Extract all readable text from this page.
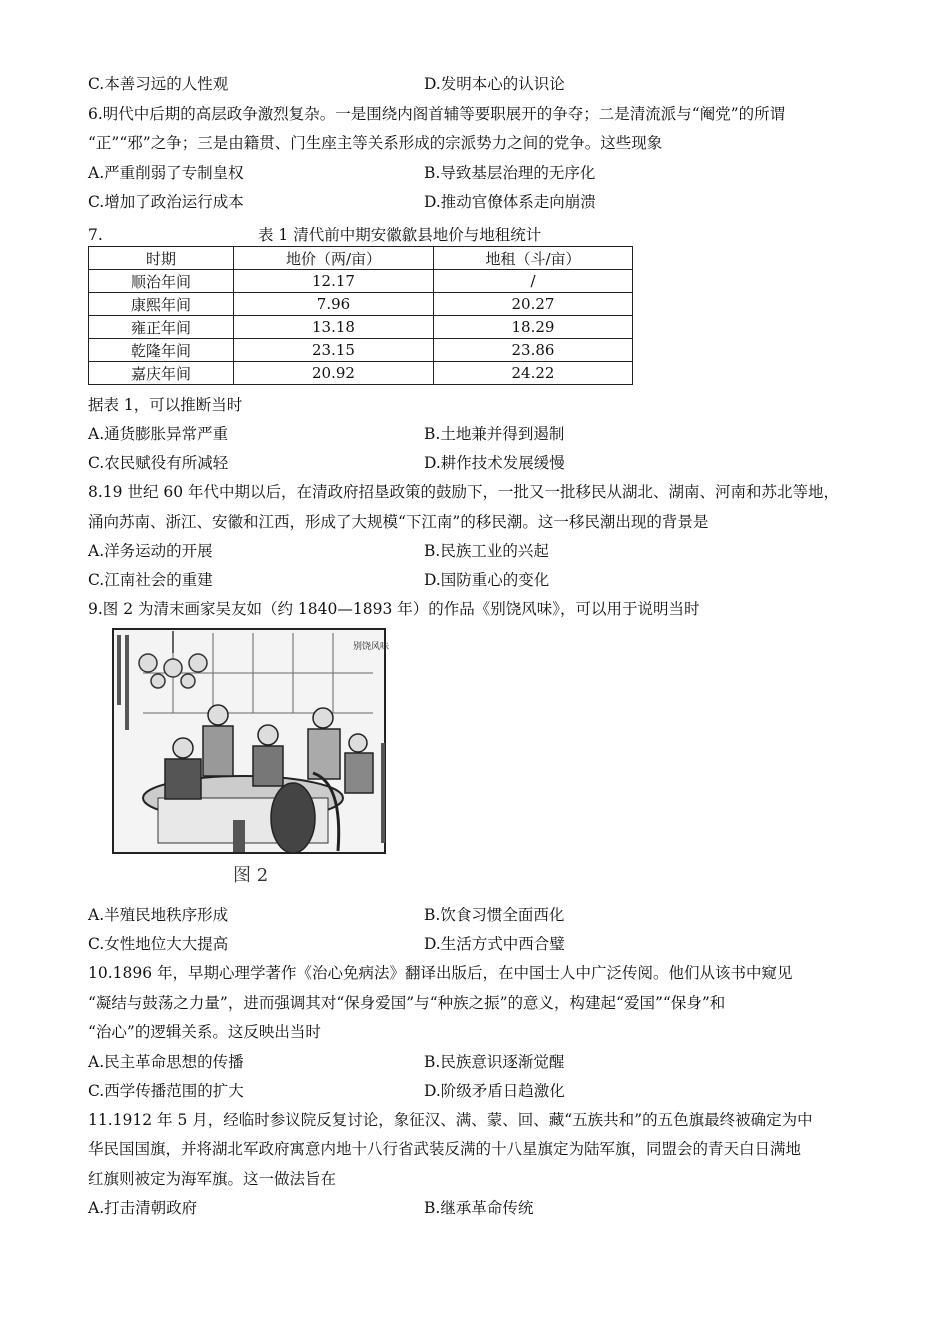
C.本善习远的人性观	D.发明本心的认识论
6.明代中后期的高层政争激烈复杂。一是围绕内阁首辅等要职展开的争夺；二是清流派与“阉党”的所谓
“正”“邪”之争；三是由籍贯、门生座主等关系形成的宗派势力之间的党争。这些现象
A.严重削弱了专制皇权	B.导致基层治理的无序化
C.增加了政治运行成本	D.推动官僚体系走向崩溃
7.	表 1 清代前中期安徽歙县地价与地租统计
时期	地价（两/亩）	地租（斗/亩）
顺治年间	12.17	/
康熙年间	7.96	20.27
雍正年间	13.18	18.29
乾隆年间	23.15	23.86
嘉庆年间	20.92	24.22
据表 1，可以推断当时
A.通货膨胀异常严重	B.土地兼并得到遏制
C.农民赋役有所减轻	D.耕作技术发展缓慢
8.19 世纪 60 年代中期以后，在清政府招垦政策的鼓励下，一批又一批移民从湖北、湖南、河南和苏北等地，
涌向苏南、浙江、安徽和江西，形成了大规模“下江南”的移民潮。这一移民潮出现的背景是
A.洋务运动的开展	B.民族工业的兴起
C.江南社会的重建	D.国防重心的变化
9.图 2 为清末画家吴友如（约 1840—1893 年）的作品《别饶风味》，可以用于说明当时
别饶风味
图 2
A.半殖民地秩序形成	B.饮食习惯全面西化
C.女性地位大大提高	D.生活方式中西合璧
10.1896 年，早期心理学著作《治心免病法》翻译出版后，在中国士人中广泛传阅。他们从该书中窥见
“凝结与鼓荡之力量”，进而强调其对“保身爱国”与“种族之振”的意义，构建起“爱国”“保身”和
“治心”的逻辑关系。这反映出当时
A.民主革命思想的传播	B.民族意识逐渐觉醒
C.西学传播范围的扩大	D.阶级矛盾日趋激化
11.1912 年 5 月，经临时参议院反复讨论，象征汉、满、蒙、回、藏“五族共和”的五色旗最终被确定为中
华民国国旗，并将湖北军政府寓意内地十八行省武装反满的十八星旗定为陆军旗，同盟会的青天白日满地
红旗则被定为海军旗。这一做法旨在
A.打击清朝政府	B.继承革命传统
